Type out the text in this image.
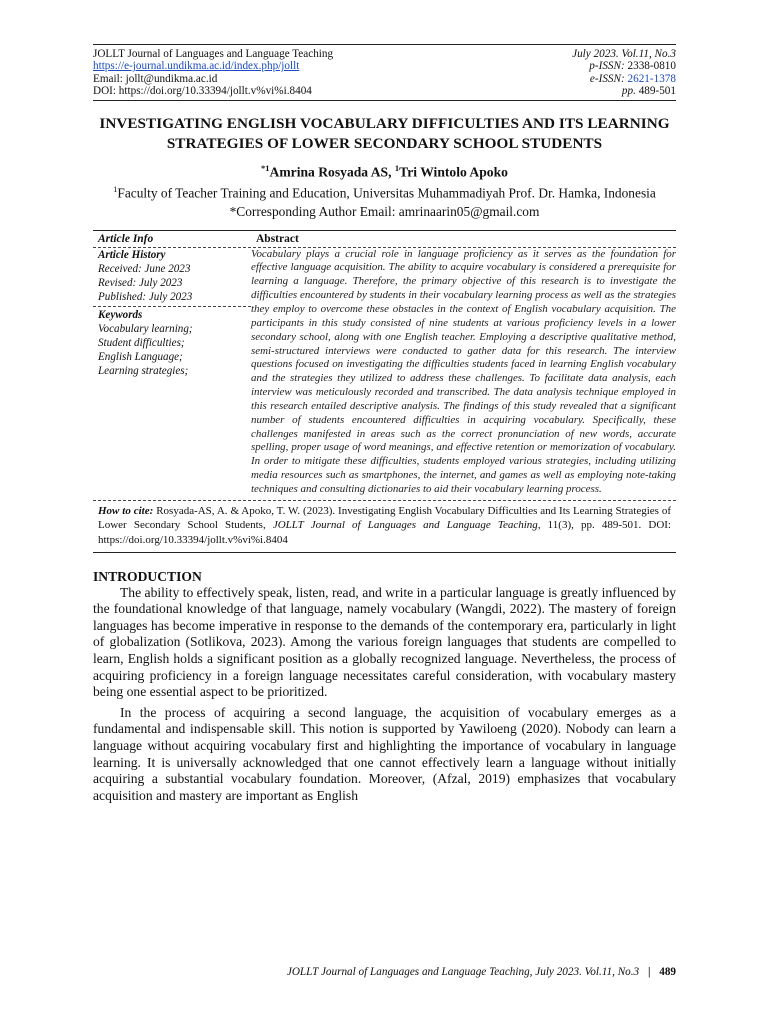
JOLLT Journal of Languages and Language Teaching
https://e-journal.undikma.ac.id/index.php/jollt
Email: jollt@undikma.ac.id
DOI: https://doi.org/10.33394/jollt.v%vi%i.8404
July 2023. Vol.11, No.3
p-ISSN: 2338-0810
e-ISSN: 2621-1378
pp. 489-501
INVESTIGATING ENGLISH VOCABULARY DIFFICULTIES AND ITS LEARNING STRATEGIES OF LOWER SECONDARY SCHOOL STUDENTS
$^{*1}$Amrina Rosyada AS, $^1$Tri Wintolo Apoko
$^1$Faculty of Teacher Training and Education, Universitas Muhammadiyah Prof. Dr. Hamka, Indonesia
*Corresponding Author Email: amrinaarin05@gmail.com
Article Info	Abstract
Article History
Received: June 2023
Revised: July 2023
Published: July 2023
Keywords
Vocabulary learning;
Student difficulties;
English Language;
Learning strategies;
Vocabulary plays a crucial role in language proficiency as it serves as the foundation for effective language acquisition. The ability to acquire vocabulary is considered a prerequisite for learning a language. Therefore, the primary objective of this research is to investigate the difficulties encountered by students in their vocabulary learning process as well as the strategies they employ to overcome these obstacles in the context of English vocabulary acquisition. The participants in this study consisted of nine students at various proficiency levels in a lower secondary school, along with one English teacher. Employing a descriptive qualitative method, semi-structured interviews were conducted to gather data for this research. The interview questions focused on investigating the difficulties students faced in learning English vocabulary and the strategies they utilized to address these challenges. To facilitate data analysis, each interview was meticulously recorded and transcribed. The data analysis technique employed in this research entailed descriptive analysis. The findings of this study revealed that a significant number of students encountered difficulties in acquiring vocabulary. Specifically, these challenges manifested in areas such as the correct pronunciation of new words, accurate spelling, proper usage of word meanings, and effective retention or memorization of vocabulary. In order to mitigate these difficulties, students employed various strategies, including utilizing media resources such as smartphones, the internet, and games as well as employing note-taking techniques and consulting dictionaries to aid their vocabulary learning process.
How to cite: Rosyada-AS, A. & Apoko, T. W. (2023). Investigating English Vocabulary Difficulties and Its Learning Strategies of Lower Secondary School Students, JOLLT Journal of Languages and Language Teaching, 11(3), pp. 489-501. DOI: https://doi.org/10.33394/jollt.v%vi%i.8404
INTRODUCTION

The ability to effectively speak, listen, read, and write in a particular language is greatly influenced by the foundational knowledge of that language, namely vocabulary (Wangdi, 2022). The mastery of foreign languages has become imperative in response to the demands of the contemporary era, particularly in light of globalization (Sotlikova, 2023). Among the various foreign languages that students are compelled to learn, English holds a significant position as a globally recognized language. Nevertheless, the process of acquiring proficiency in a foreign language necessitates careful consideration, with vocabulary mastery being one essential aspect to be prioritized.

In the process of acquiring a second language, the acquisition of vocabulary emerges as a fundamental and indispensable skill. This notion is supported by Yawiloeng (2020). Nobody can learn a language without acquiring vocabulary first and highlighting the importance of vocabulary in language learning. It is universally acknowledged that one cannot effectively learn a language without initially acquiring a substantial vocabulary foundation. Moreover, (Afzal, 2019) emphasizes that vocabulary acquisition and mastery are important as English

JOLLT Journal of Languages and Language Teaching, July 2023. Vol.11, No.3 | 489
